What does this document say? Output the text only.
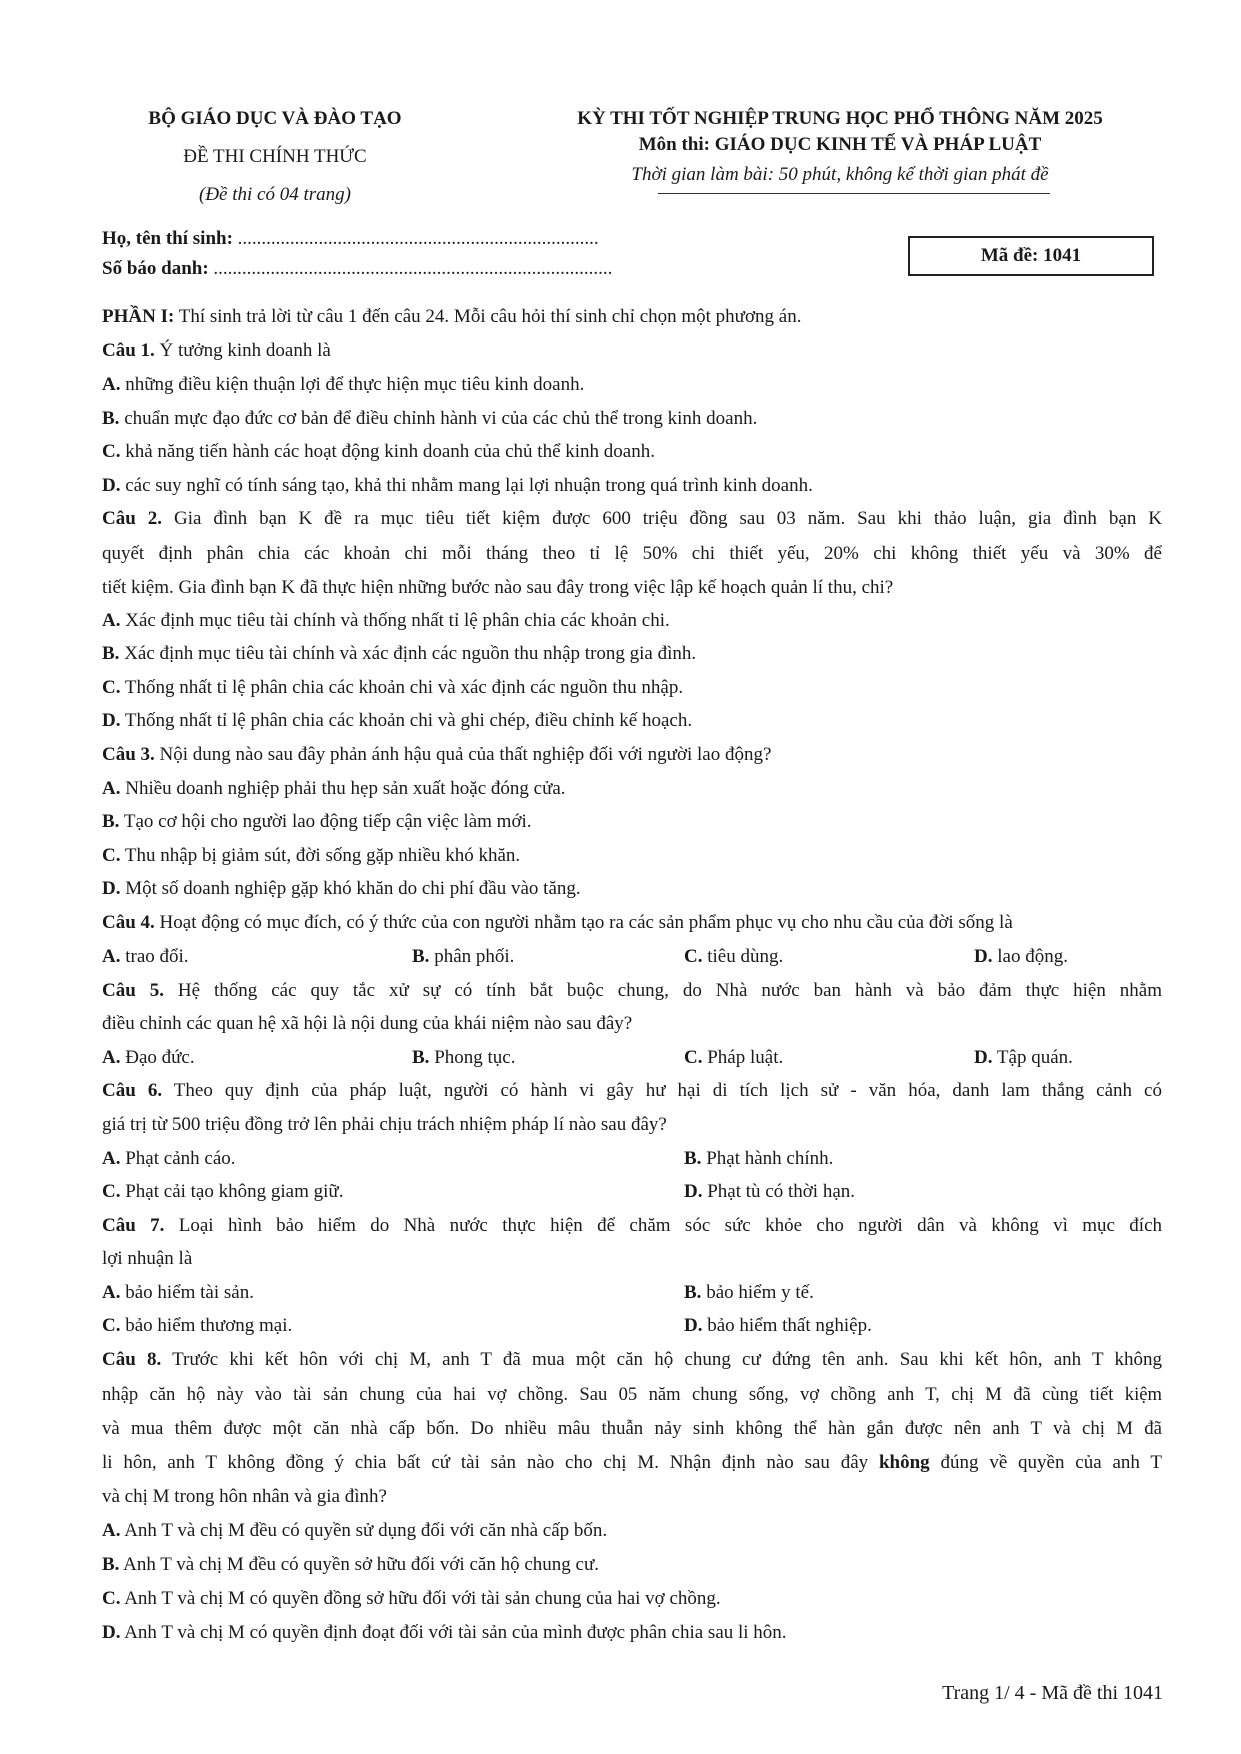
BỘ GIÁO DỤC VÀ ĐÀO TẠO
ĐỀ THI CHÍNH THỨC
(Đề thi có 04 trang)
KỲ THI TỐT NGHIỆP TRUNG HỌC PHỔ THÔNG NĂM 2025
Môn thi: GIÁO DỤC KINH TẾ VÀ PHÁP LUẬT
Thời gian làm bài: 50 phút, không kể thời gian phát đề
Họ, tên thí sinh: ............................................................................
Số báo danh: ....................................................................................
Mã đề: 1041
PHẦN I: Thí sinh trả lời từ câu 1 đến câu 24. Mỗi câu hỏi thí sinh chỉ chọn một phương án.
Câu 1. Ý tưởng kinh doanh là
A. những điều kiện thuận lợi để thực hiện mục tiêu kinh doanh.
B. chuẩn mực đạo đức cơ bản để điều chỉnh hành vi của các chủ thể trong kinh doanh.
C. khả năng tiến hành các hoạt động kinh doanh của chủ thể kinh doanh.
D. các suy nghĩ có tính sáng tạo, khả thi nhằm mang lại lợi nhuận trong quá trình kinh doanh.
Câu 2. Gia đình bạn K đề ra mục tiêu tiết kiệm được 600 triệu đồng sau 03 năm. Sau khi thảo luận, gia đình bạn K
quyết định phân chia các khoản chi mỗi tháng theo tỉ lệ 50% chi thiết yếu, 20% chi không thiết yếu và 30% để
tiết kiệm. Gia đình bạn K đã thực hiện những bước nào sau đây trong việc lập kế hoạch quản lí thu, chi?
A. Xác định mục tiêu tài chính và thống nhất tỉ lệ phân chia các khoản chi.
B. Xác định mục tiêu tài chính và xác định các nguồn thu nhập trong gia đình.
C. Thống nhất tỉ lệ phân chia các khoản chi và xác định các nguồn thu nhập.
D. Thống nhất tỉ lệ phân chia các khoản chi và ghi chép, điều chỉnh kế hoạch.
Câu 3. Nội dung nào sau đây phản ánh hậu quả của thất nghiệp đối với người lao động?
A. Nhiều doanh nghiệp phải thu hẹp sản xuất hoặc đóng cửa.
B. Tạo cơ hội cho người lao động tiếp cận việc làm mới.
C. Thu nhập bị giảm sút, đời sống gặp nhiều khó khăn.
D. Một số doanh nghiệp gặp khó khăn do chi phí đầu vào tăng.
Câu 4. Hoạt động có mục đích, có ý thức của con người nhằm tạo ra các sản phẩm phục vụ cho nhu cầu của đời sống là
A. trao đổi.	B. phân phối.	C. tiêu dùng.	D. lao động.
Câu 5. Hệ thống các quy tắc xử sự có tính bắt buộc chung, do Nhà nước ban hành và bảo đảm thực hiện nhằm
điều chỉnh các quan hệ xã hội là nội dung của khái niệm nào sau đây?
A. Đạo đức.	B. Phong tục.	C. Pháp luật.	D. Tập quán.
Câu 6. Theo quy định của pháp luật, người có hành vi gây hư hại di tích lịch sử - văn hóa, danh lam thắng cảnh có
giá trị từ 500 triệu đồng trở lên phải chịu trách nhiệm pháp lí nào sau đây?
A. Phạt cảnh cáo.	B. Phạt hành chính.
C. Phạt cải tạo không giam giữ.	D. Phạt tù có thời hạn.
Câu 7. Loại hình bảo hiểm do Nhà nước thực hiện để chăm sóc sức khỏe cho người dân và không vì mục đích
lợi nhuận là
A. bảo hiểm tài sản.	B. bảo hiểm y tế.
C. bảo hiểm thương mại.	D. bảo hiểm thất nghiệp.
Câu 8. Trước khi kết hôn với chị M, anh T đã mua một căn hộ chung cư đứng tên anh. Sau khi kết hôn, anh T không
nhập căn hộ này vào tài sản chung của hai vợ chồng. Sau 05 năm chung sống, vợ chồng anh T, chị M đã cùng tiết kiệm
và mua thêm được một căn nhà cấp bốn. Do nhiều mâu thuẫn nảy sinh không thể hàn gắn được nên anh T và chị M đã
li hôn, anh T không đồng ý chia bất cứ tài sản nào cho chị M. Nhận định nào sau đây không đúng về quyền của anh T
và chị M trong hôn nhân và gia đình?
A. Anh T và chị M đều có quyền sử dụng đối với căn nhà cấp bốn.
B. Anh T và chị M đều có quyền sở hữu đối với căn hộ chung cư.
C. Anh T và chị M có quyền đồng sở hữu đối với tài sản chung của hai vợ chồng.
D. Anh T và chị M có quyền định đoạt đối với tài sản của mình được phân chia sau li hôn.
Trang 1/ 4 - Mã đề thi 1041
